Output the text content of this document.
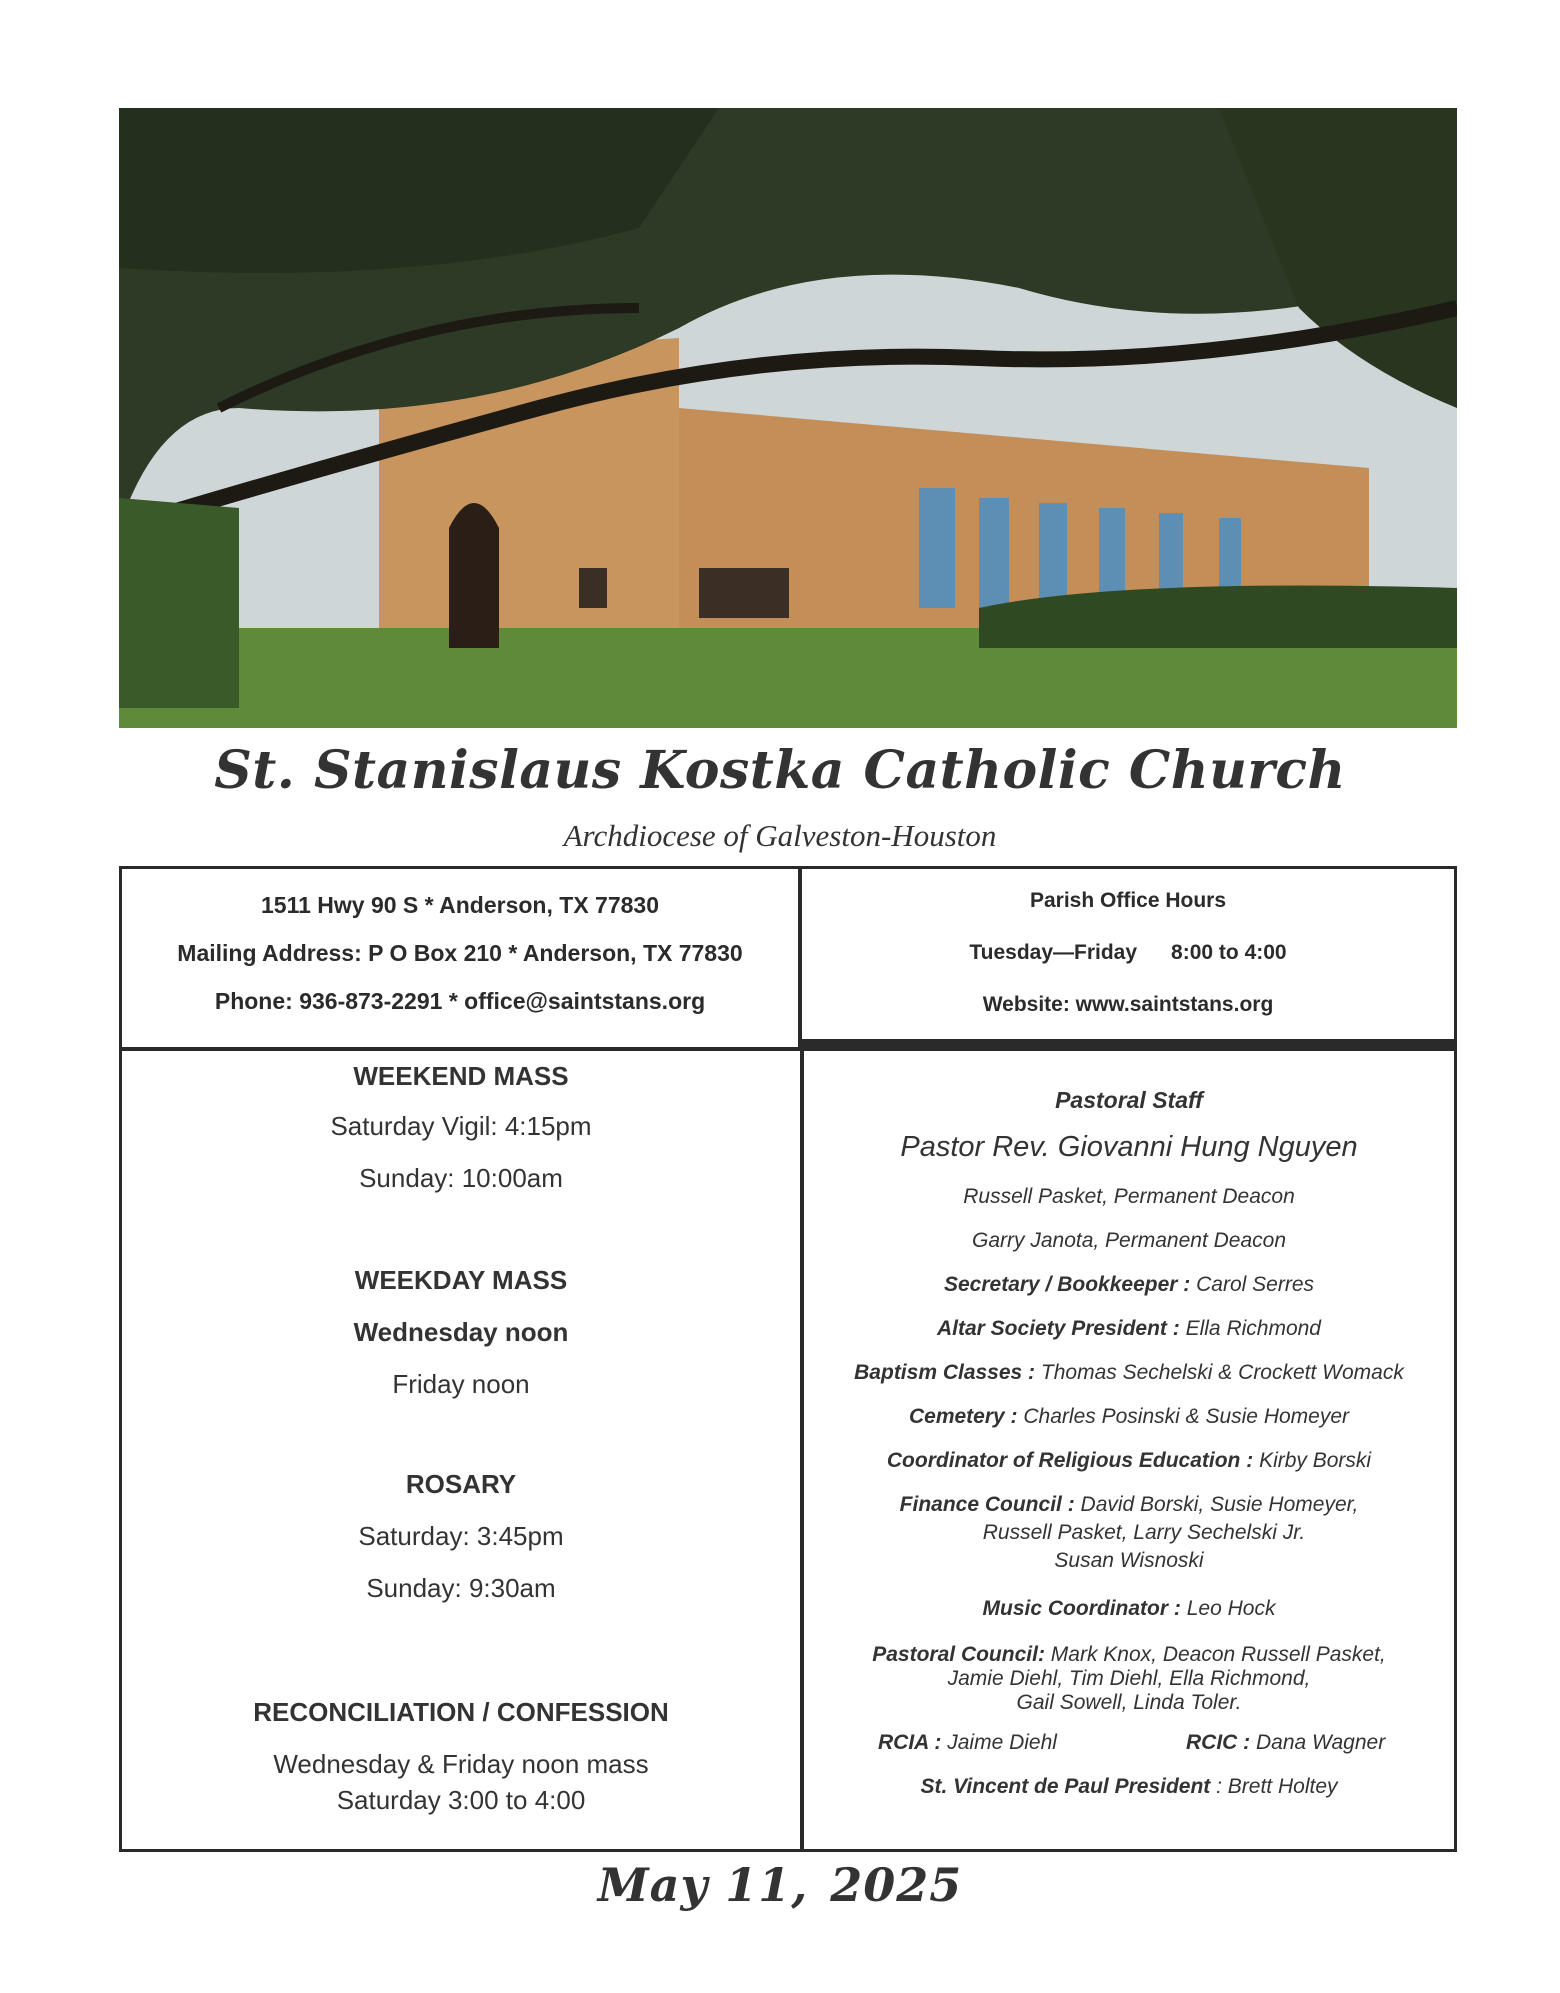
St. Stanislaus Kostka Catholic Church
Archdiocese of Galveston-Houston
1511 Hwy 90 S * Anderson, TX 77830
Mailing Address: P O Box 210 * Anderson, TX 77830
Phone: 936-873-2291 * office@saintstans.org
Parish Office Hours
Tuesday—Friday 8:00 to 4:00
Website: www.saintstans.org
WEEKEND MASS
Saturday Vigil: 4:15pm
Sunday: 10:00am
WEEKDAY MASS
Wednesday noon
Friday noon
ROSARY
Saturday: 3:45pm
Sunday: 9:30am
RECONCILIATION / CONFESSION
Wednesday & Friday noon mass
Saturday 3:00 to 4:00
Pastoral Staff
Pastor Rev. Giovanni Hung Nguyen
Russell Pasket, Permanent Deacon
Garry Janota, Permanent Deacon
Secretary / Bookkeeper : Carol Serres
Altar Society President : Ella Richmond
Baptism Classes : Thomas Sechelski & Crockett Womack
Cemetery : Charles Posinski & Susie Homeyer
Coordinator of Religious Education : Kirby Borski
Finance Council : David Borski, Susie Homeyer,
Russell Pasket, Larry Sechelski Jr.
Susan Wisnoski
Music Coordinator : Leo Hock
Pastoral Council: Mark Knox, Deacon Russell Pasket,
Jamie Diehl, Tim Diehl, Ella Richmond,
Gail Sowell, Linda Toler.
RCIA : Jaime Diehl	RCIC : Dana Wagner
St. Vincent de Paul President : Brett Holtey
May 11, 2025
